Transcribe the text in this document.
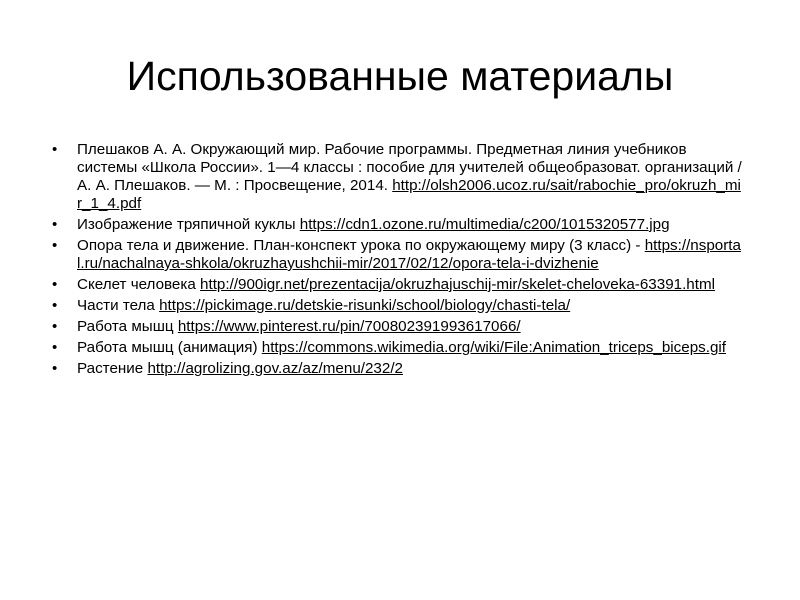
Использованные материалы
• Плешаков А. А. Окружающий мир. Рабочие программы. Предметная линия учебников системы «Школа России». 1—4 классы : пособие для учителей общеобразоват. организаций / А. А. Плешаков. — М. : Просвещение, 2014. http://olsh2006.ucoz.ru/sait/rabochie_pro/okruzh_mir_1_4.pdf
• Изображение тряпичной куклы https://cdn1.ozone.ru/multimedia/c200/1015320577.jpg
• Опора тела и движение. План-конспект урока по окружающему миру (3 класс) - https://nsportal.ru/nachalnaya-shkola/okruzhayushchii-mir/2017/02/12/opora-tela-i-dvizhenie
• Скелет человека http://900igr.net/prezentacija/okruzhajuschij-mir/skelet-cheloveka-63391.html
• Части тела https://pickimage.ru/detskie-risunki/school/biology/chasti-tela/
• Работа мышц https://www.pinterest.ru/pin/700802391993617066/
• Работа мышц (анимация) https://commons.wikimedia.org/wiki/File:Animation_triceps_biceps.gif
• Растение http://agrolizing.gov.az/az/menu/232/2
